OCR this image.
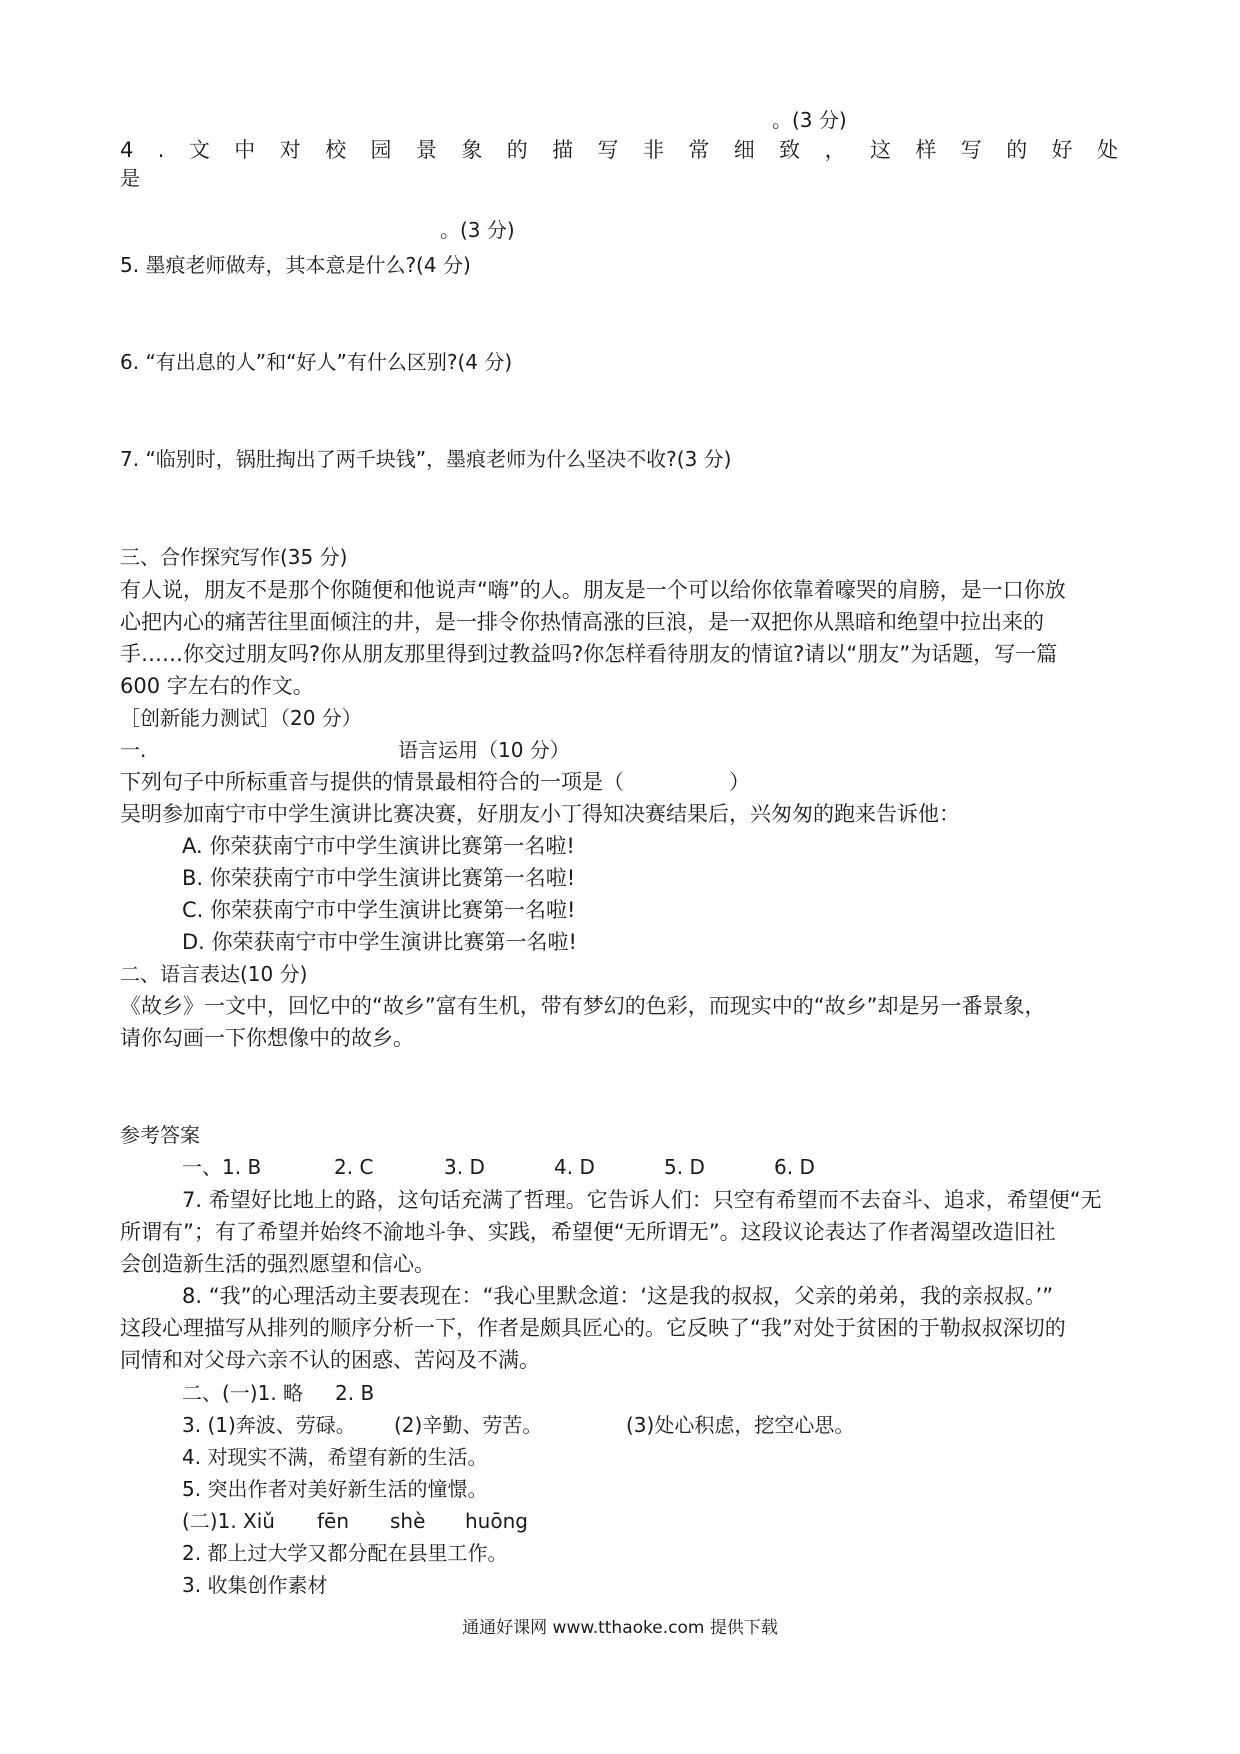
。(3 分)
4 . 文 中 对 校 园 景 象 的 描 写 非 常 细 致 ， 这 样 写 的 好 处
是
。(3 分)
5. 墨痕老师做寿，其本意是什么?(4 分)
6. “有出息的人”和“好人”有什么区别?(4 分)
7. “临别时，锅肚掏出了两千块钱”，墨痕老师为什么坚决不收?(3 分)
三、合作探究写作(35 分)
有人说，朋友不是那个你随便和他说声“嗨”的人。朋友是一个可以给你依靠着嚎哭的肩膀，是一口你放
心把内心的痛苦往里面倾注的井，是一排令你热情高涨的巨浪，是一双把你从黑暗和绝望中拉出来的
手……你交过朋友吗?你从朋友那里得到过教益吗?你怎样看待朋友的情谊?请以“朋友”为话题，写一篇
600 字左右的作文。
［创新能力测试］（20 分）
一.	语言运用（10 分）
下列句子中所标重音与提供的情景最相符合的一项是（　　　　　）
吴明参加南宁市中学生演讲比赛决赛，好朋友小丁得知决赛结果后，兴匆匆的跑来告诉他：
A. 你荣获南宁市中学生演讲比赛第一名啦!
B. 你荣获南宁市中学生演讲比赛第一名啦!
C. 你荣获南宁市中学生演讲比赛第一名啦!
D. 你荣获南宁市中学生演讲比赛第一名啦!
二、语言表达(10 分)
《故乡》一文中，回忆中的“故乡”富有生机，带有梦幻的色彩，而现实中的“故乡”却是另一番景象，
请你勾画一下你想像中的故乡。
参考答案
一、1. B	2. C	3. D	4. D	5. D	6. D
7. 希望好比地上的路，这句话充满了哲理。它告诉人们：只空有希望而不去奋斗、追求，希望便“无
所谓有”；有了希望并始终不渝地斗争、实践，希望便“无所谓无”。这段议论表达了作者渴望改造旧社
会创造新生活的强烈愿望和信心。
8. “我”的心理活动主要表现在：“我心里默念道：‘这是我的叔叔，父亲的弟弟，我的亲叔叔。’”
这段心理描写从排列的顺序分析一下，作者是颇具匠心的。它反映了“我”对处于贫困的于勒叔叔深切的
同情和对父母六亲不认的困惑、苦闷及不满。
二、(一)1. 略 2. B
3. (1)奔波、劳碌。 (2)辛勤、劳苦。	(3)处心积虑，挖空心思。
4. 对现实不满，希望有新的生活。
5. 突出作者对美好新生活的憧憬。
(二)1. Xiǔ fēn shè huōng
2. 都上过大学又都分配在县里工作。
3. 收集创作素材
通通好课网 www.tthaoke.com 提供下载
